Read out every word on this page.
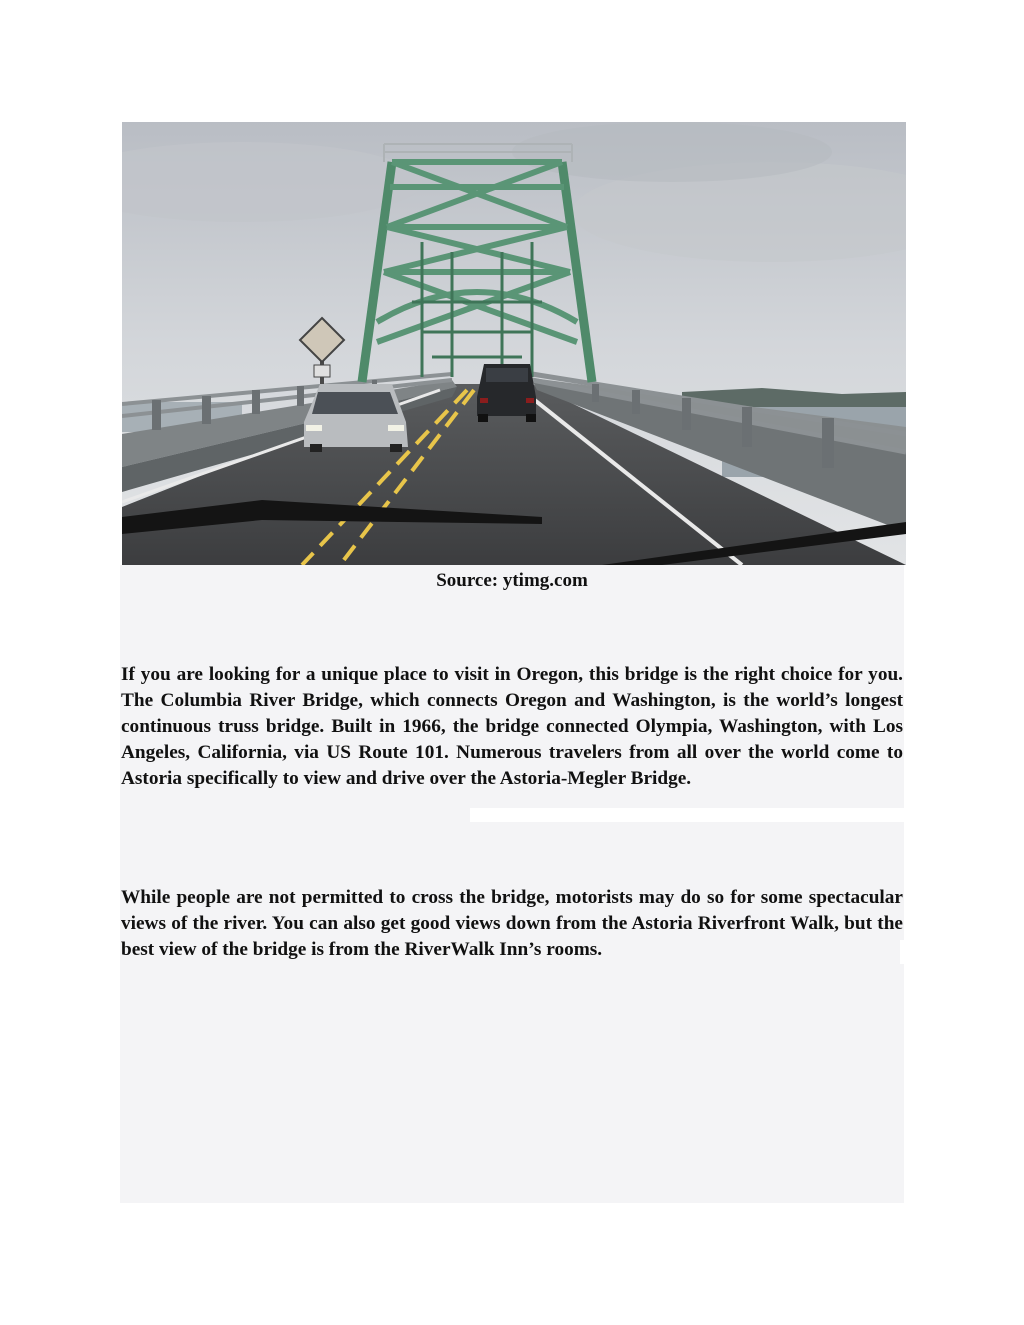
Source: ytimg.com

If you are looking for a unique place to visit in Oregon, this bridge is the right choice for you. The Columbia River Bridge, which connects Oregon and Washington, is the world’s longest continuous truss bridge. Built in 1966, the bridge connected Olympia, Washington, with Los Angeles, California, via US Route 101. Numerous travelers from all over the world come to Astoria specifically to view and drive over the Astoria-Megler Bridge.

While people are not permitted to cross the bridge, motorists may do so for some spectacular views of the river. You can also get good views down from the Astoria Riverfront Walk, but the best view of the bridge is from the RiverWalk Inn’s rooms.
